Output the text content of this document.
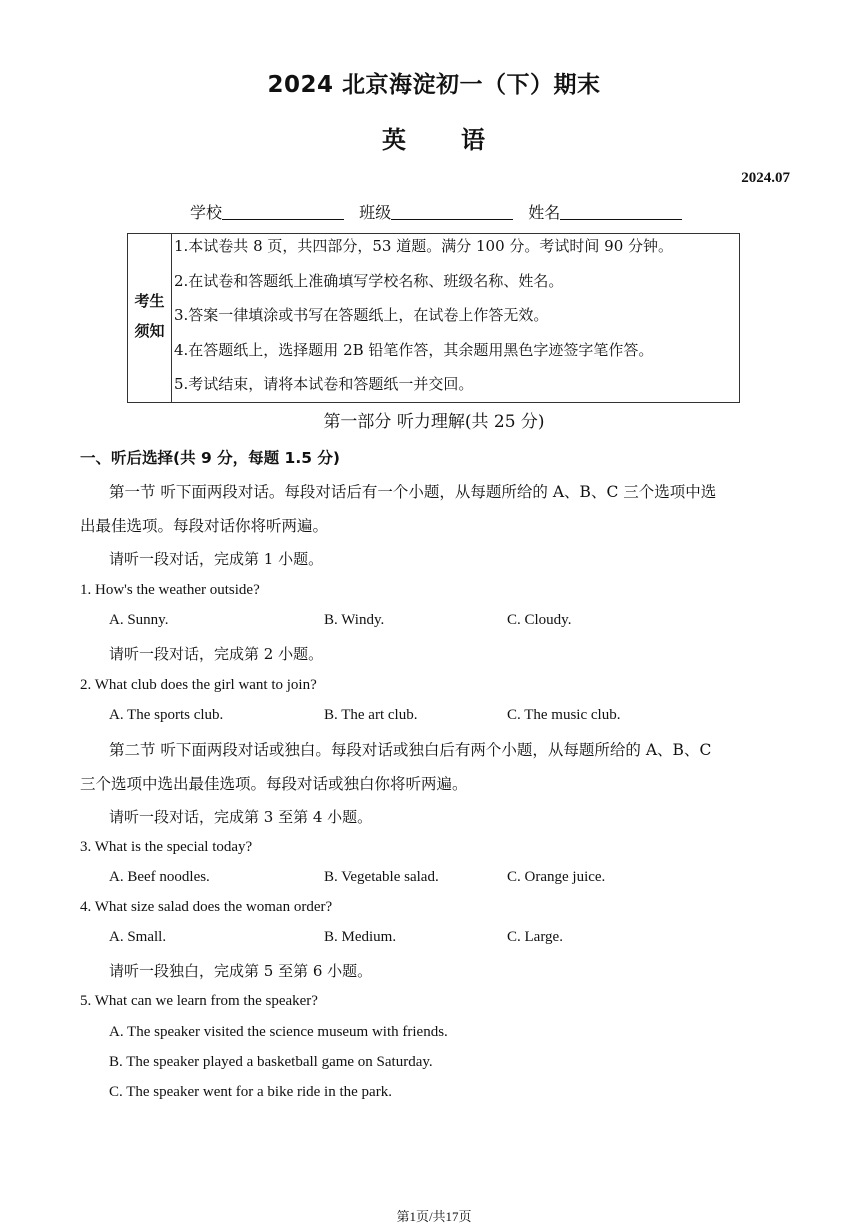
2024 北京海淀初一（下）期末
英 语
2024.07
学校	班级	姓名
考生
须知
1.本试卷共 8 页，共四部分，53 道题。满分 100 分。考试时间 90 分钟。
2.在试卷和答题纸上准确填写学校名称、班级名称、姓名。
3.答案一律填涂或书写在答题纸上，在试卷上作答无效。
4.在答题纸上，选择题用 2B 铅笔作答，其余题用黑色字迹签字笔作答。
5.考试结束，请将本试卷和答题纸一并交回。
第一部分 听力理解(共 25 分)
一、听后选择(共 9 分，每题 1.5 分)
第一节 听下面两段对话。每段对话后有一个小题，从每题所给的 A、B、C 三个选项中选
出最佳选项。每段对话你将听两遍。
请听一段对话，完成第 1 小题。
1. How's the weather outside?
A. Sunny.	B. Windy.	C. Cloudy.
请听一段对话，完成第 2 小题。
2. What club does the girl want to join?
A. The sports club.	B. The art club.	C. The music club.
第二节 听下面两段对话或独白。每段对话或独白后有两个小题，从每题所给的 A、B、C
三个选项中选出最佳选项。每段对话或独白你将听两遍。
请听一段对话，完成第 3 至第 4 小题。
3. What is the special today?
A. Beef noodles.	B. Vegetable salad.	C. Orange juice.
4. What size salad does the woman order?
A. Small.	B. Medium.	C. Large.
请听一段独白，完成第 5 至第 6 小题。
5. What can we learn from the speaker?
A. The speaker visited the science museum with friends.
B. The speaker played a basketball game on Saturday.
C. The speaker went for a bike ride in the park.
第1页/共17页
